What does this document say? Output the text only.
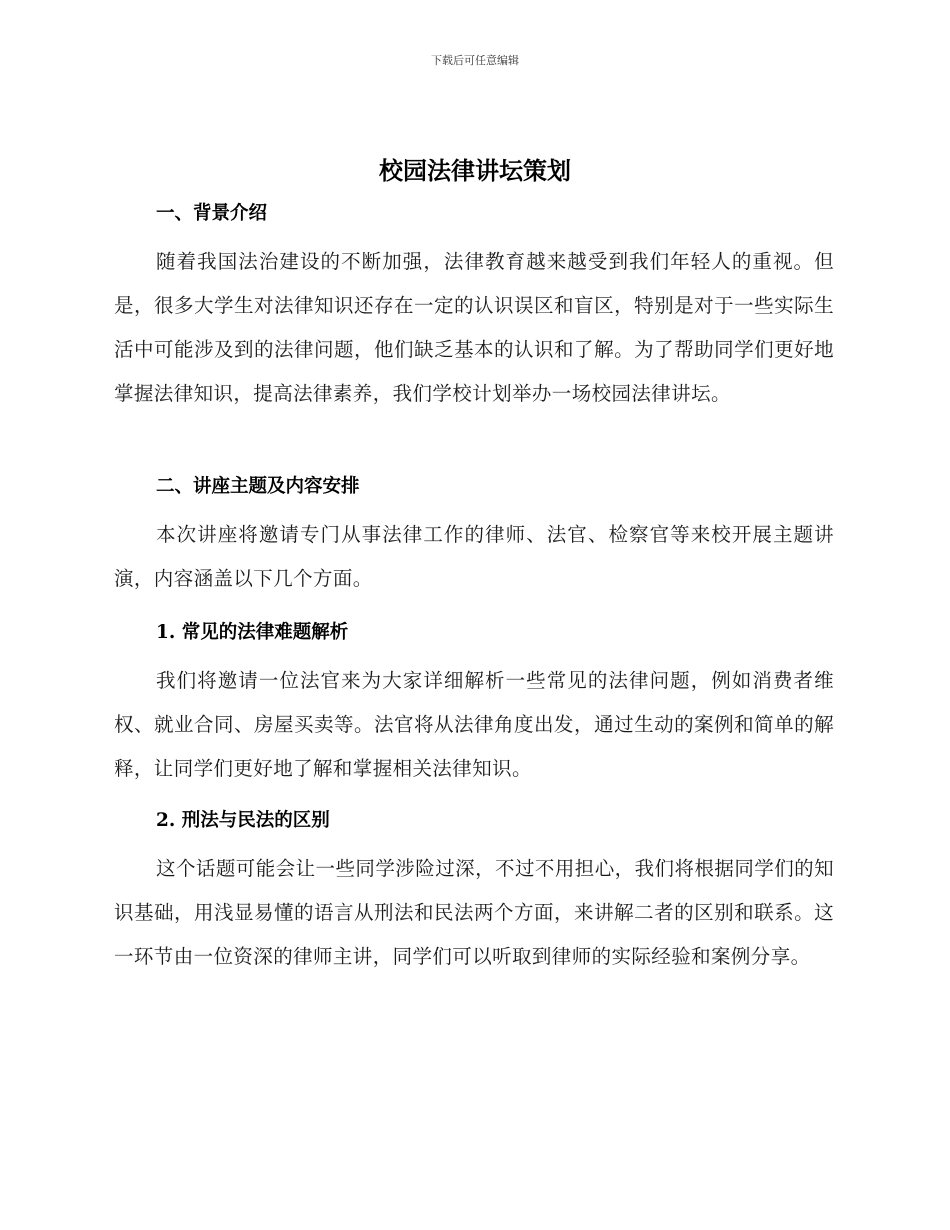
下载后可任意编辑
校园法律讲坛策划
一、背景介绍
随着我国法治建设的不断加强，法律教育越来越受到我们年轻人的重视。但是，很多大学生对法律知识还存在一定的认识误区和盲区，特别是对于一些实际生活中可能涉及到的法律问题，他们缺乏基本的认识和了解。为了帮助同学们更好地掌握法律知识，提高法律素养，我们学校计划举办一场校园法律讲坛。
二、讲座主题及内容安排
本次讲座将邀请专门从事法律工作的律师、法官、检察官等来校开展主题讲演，内容涵盖以下几个方面。
1. 常见的法律难题解析
我们将邀请一位法官来为大家详细解析一些常见的法律问题，例如消费者维权、就业合同、房屋买卖等。法官将从法律角度出发，通过生动的案例和简单的解释，让同学们更好地了解和掌握相关法律知识。
2. 刑法与民法的区别
这个话题可能会让一些同学涉险过深，不过不用担心，我们将根据同学们的知识基础，用浅显易懂的语言从刑法和民法两个方面，来讲解二者的区别和联系。这一环节由一位资深的律师主讲，同学们可以听取到律师的实际经验和案例分享。
